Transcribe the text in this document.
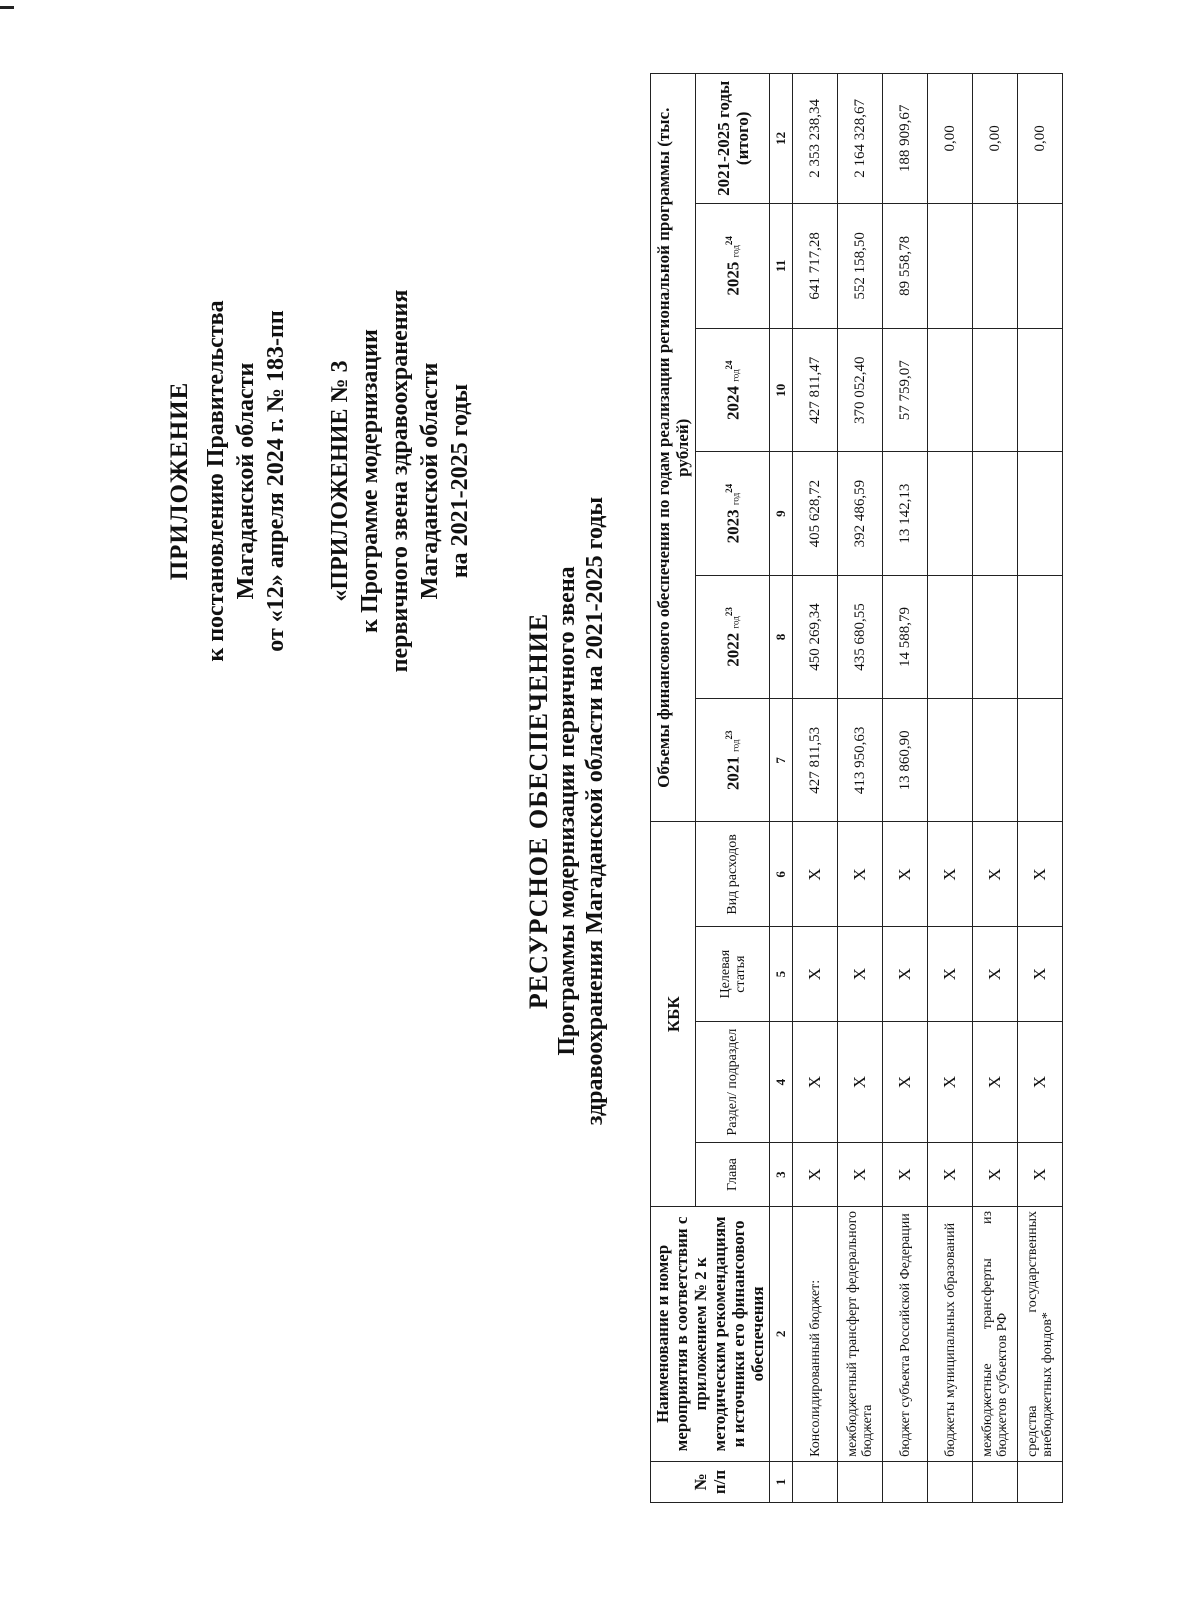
ПРИЛОЖЕНИЕ к постановлению Правительства Магаданской области от «12» апреля 2024 г. № 183-пп «ПРИЛОЖЕНИЕ № 3 к Программе модернизации первичного звена здравоохранения Магаданской области на 2021-2025 годы
РЕСУРСНОЕ ОБЕСПЕЧЕНИЕ Программы модернизации первичного звена здравоохранения Магаданской области на 2021-2025 годы
№ п/п	Наименование и номер мероприятия в соответствии с приложением № 2 к методическим рекомендациям и источники его финансового обеспечения	КБК				Объемы финансового обеспечения по годам реализации региональной программы (тыс. рублей)					
		Глава	Раздел/ подраздел	Целевая статья	Вид расходов	2021 год$^{23}$	2022 год$^{23}$	2023 год$^{24}$	2024 год$^{24}$	2025 год$^{24}$	2021-2025 годы (итого)

1	2	3	4	5	6	7	8	9	10	11	12
	Консолидированный бюджет:	X	X	X	X	427 811,53	450 269,34	405 628,72	427 811,47	641 717,28	2 353 238,34
	межбюджетный трансферт федерального бюджета	X	X	X	X	413 950,63	435 680,55	392 486,59	370 052,40	552 158,50	2 164 328,67
	бюджет субъекта Российской Федерации	X	X	X	X	13 860,90	14 588,79	13 142,13	57 759,07	89 558,78	188 909,67
	бюджеты муниципальных образований	X	X	X	X						0,00
	межбюджетные трансферты из бюджетов субъектов РФ	X	X	X	X						0,00
	средства государственных внебюджетных фондов*	X	X	X	X						0,00
